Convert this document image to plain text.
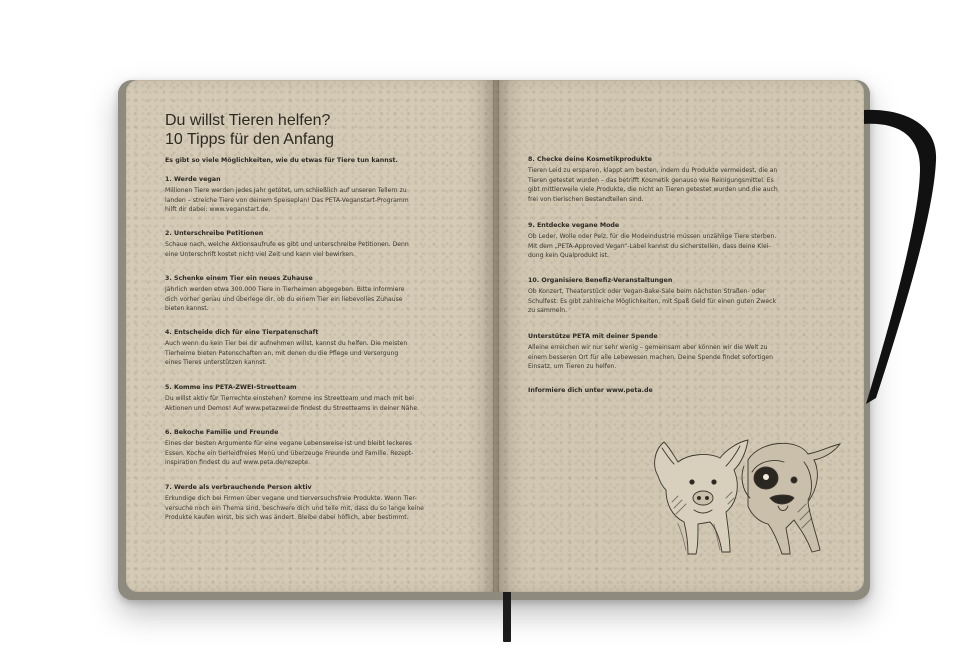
Du willst Tieren helfen?
10 Tipps für den Anfang
Es gibt so viele Möglichkeiten, wie du etwas für Tiere tun kannst.
1. Werde vegan
Millionen Tiere werden jedes Jahr getötet, um schließlich auf unseren Tellern zu
landen – streiche Tiere von deinem Speiseplan! Das PETA-Veganstart-Programm
hilft dir dabei: www.veganstart.de.
2. Unterschreibe Petitionen
Schaue nach, welche Aktionsaufrufe es gibt und unterschreibe Petitionen. Denn
eine Unterschrift kostet nicht viel Zeit und kann viel bewirken.
3. Schenke einem Tier ein neues Zuhause
Jährlich werden etwa 300.000 Tiere in Tierheimen abgegeben. Bitte informiere
dich vorher genau und überlege dir, ob du einem Tier ein liebevolles Zuhause
bieten kannst.
4. Entscheide dich für eine Tierpatenschaft
Auch wenn du kein Tier bei dir aufnehmen willst, kannst du helfen. Die meisten
Tierheime bieten Patenschaften an, mit denen du die Pflege und Versorgung
eines Tieres unterstützen kannst.
5. Komme ins PETA-ZWEI-Streetteam
Du willst aktiv für Tierrechte einstehen? Komme ins Streetteam und mach mit bei
Aktionen und Demos! Auf www.petazwei.de findest du Streetteams in deiner Nähe.
6. Bekoche Familie und Freunde
Eines der besten Argumente für eine vegane Lebensweise ist und bleibt leckeres
Essen. Koche ein tierleidfreies Menü und überzeuge Freunde und Familie. Rezept-
inspiration findest du auf www.peta.de/rezepte.
7. Werde als verbrauchende Person aktiv
Erkundige dich bei Firmen über vegane und tierversuchsfreie Produkte. Wenn Tier-
versuche noch ein Thema sind, beschwere dich und teile mit, dass du so lange keine
Produkte kaufen wirst, bis sich was ändert. Bleibe dabei höflich, aber bestimmt.
8. Checke deine Kosmetikprodukte
Tieren Leid zu ersparen, klappt am besten, indem du Produkte vermeidest, die an
Tieren getestet wurden – das betrifft Kosmetik genauso wie Reinigungsmittel. Es
gibt mittlerweile viele Produkte, die nicht an Tieren getestet wurden und die auch
frei von tierischen Bestandteilen sind.
9. Entdecke vegane Mode
Ob Leder, Wolle oder Pelz, für die Modeindustrie müssen unzählige Tiere sterben.
Mit dem „PETA-Approved Vegan“-Label kannst du sicherstellen, dass deine Klei-
dung kein Qualprodukt ist.
10. Organisiere Benefiz-Veranstaltungen
Ob Konzert, Theaterstück oder Vegan-Bake-Sale beim nächsten Straßen- oder
Schulfest: Es gibt zahlreiche Möglichkeiten, mit Spaß Geld für einen guten Zweck
zu sammeln.
Unterstütze PETA mit deiner Spende
Alleine erreichen wir nur sehr wenig – gemeinsam aber können wir die Welt zu
einem besseren Ort für alle Lebewesen machen. Deine Spende findet sofortigen
Einsatz, um Tieren zu helfen.
Informiere dich unter www.peta.de
